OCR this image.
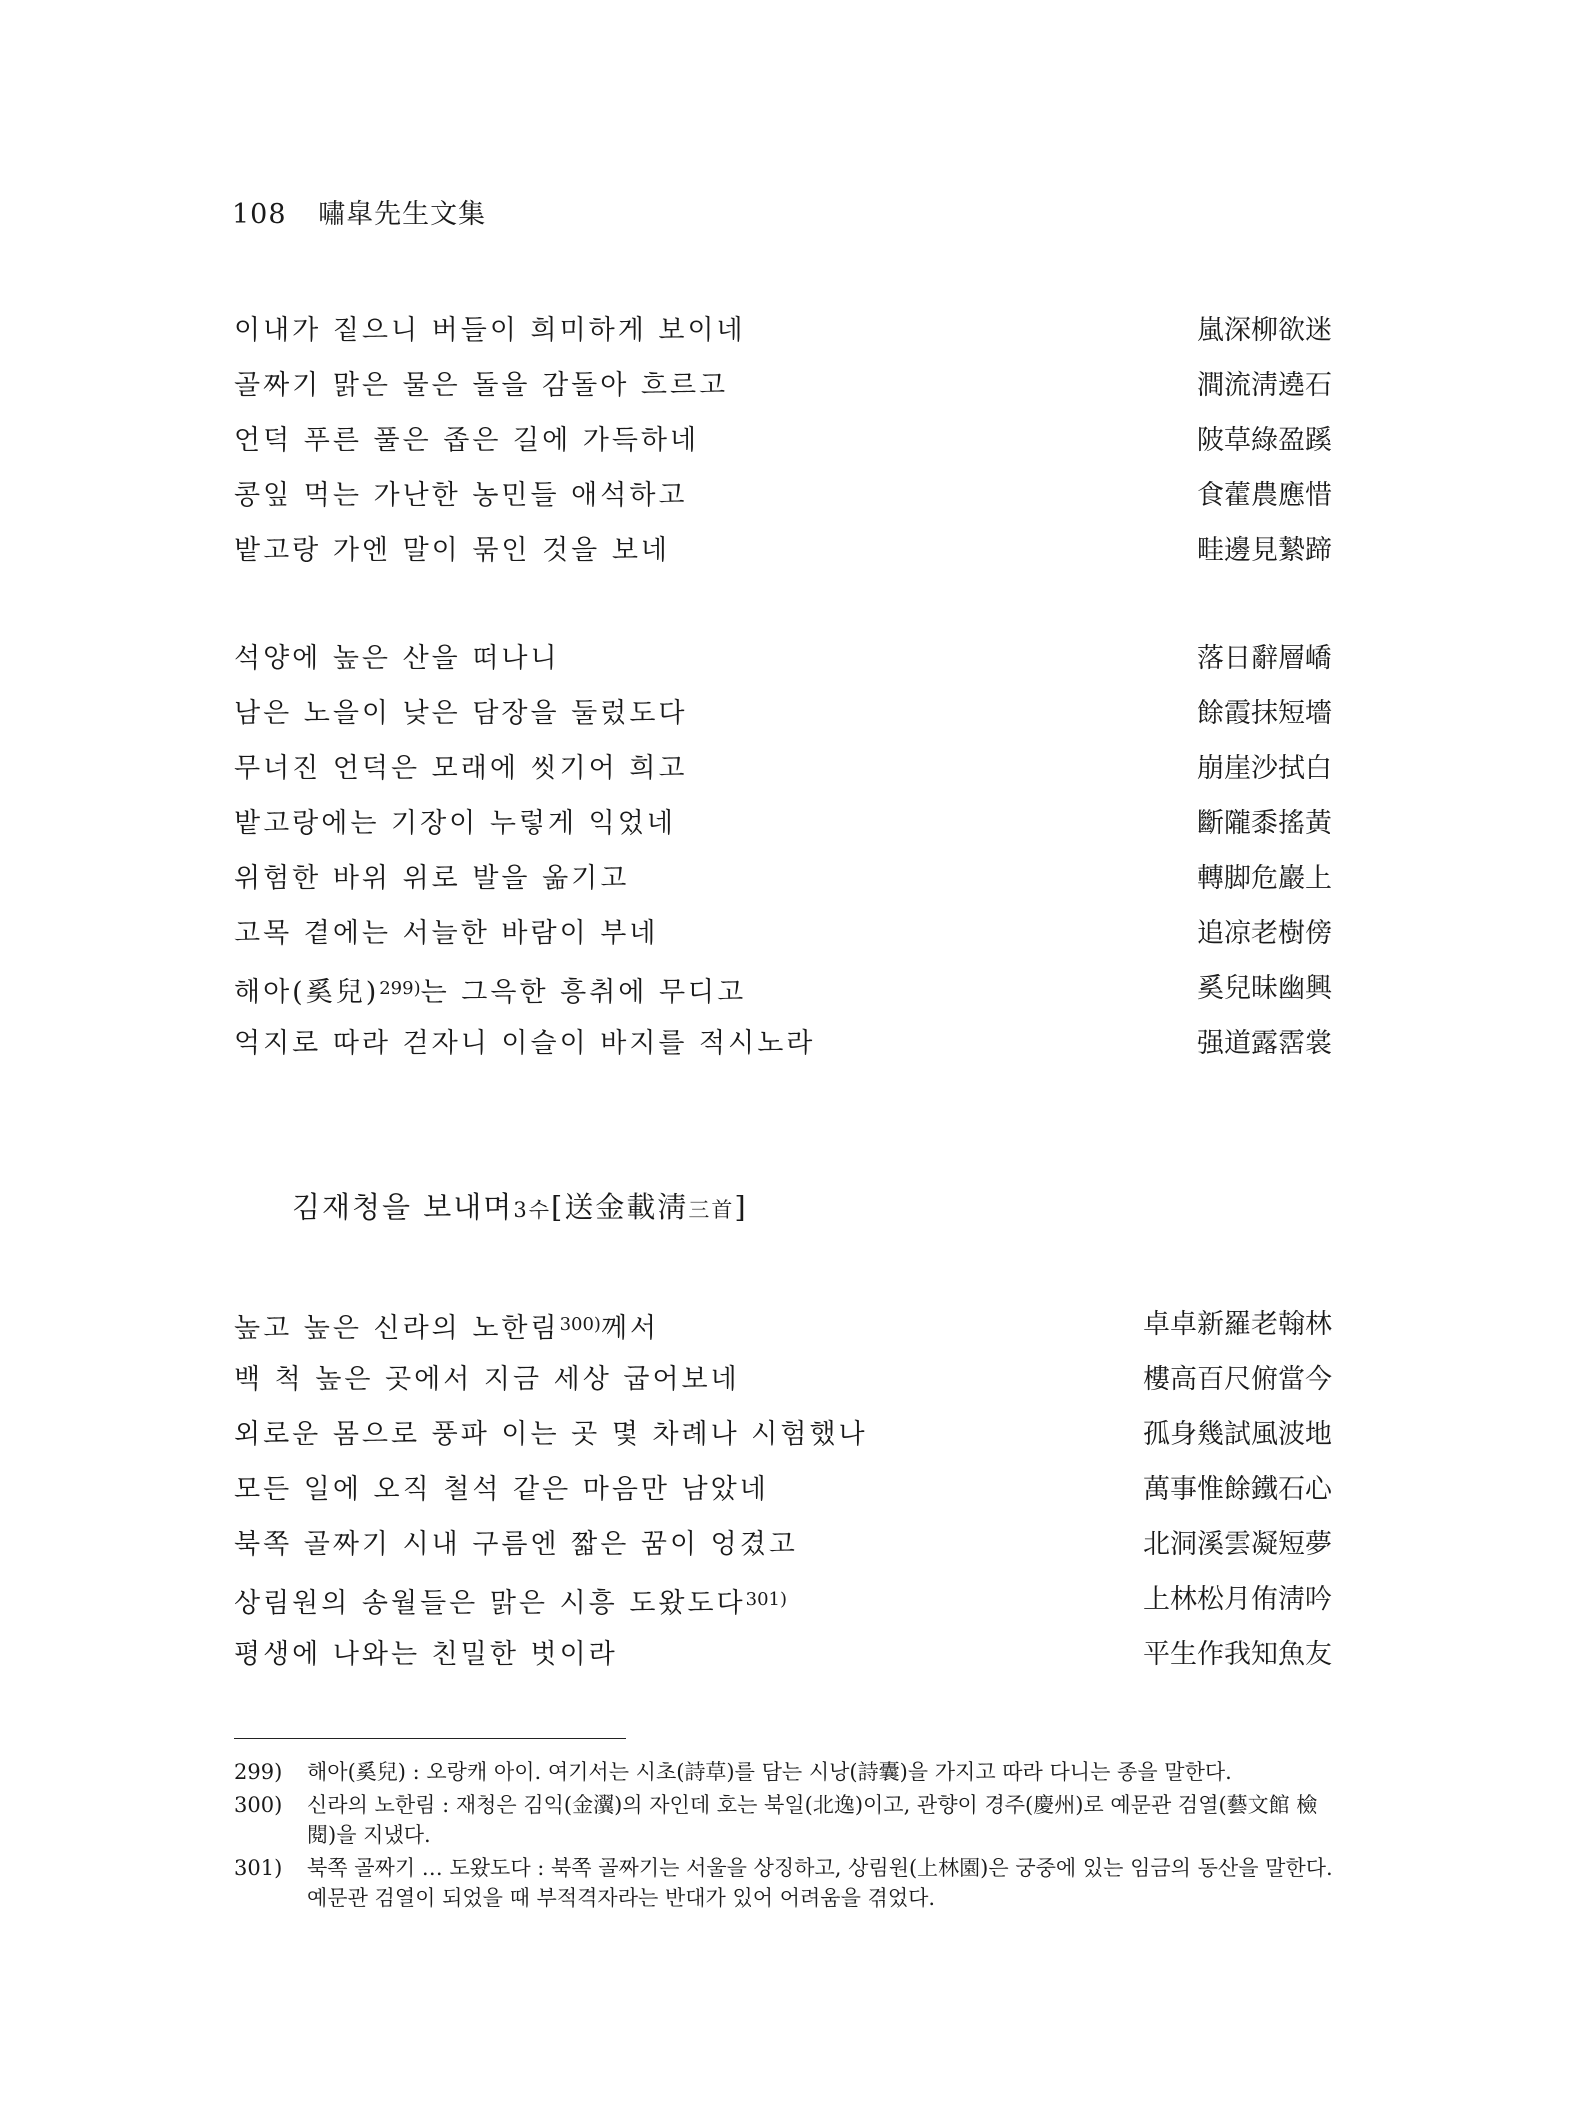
108 嘯皐先生文集
이내가 짙으니 버들이 희미하게 보이네	嵐深柳欲迷
골짜기 맑은 물은 돌을 감돌아 흐르고	澗流淸遶石
언덕 푸른 풀은 좁은 길에 가득하네	陂草綠盈蹊
콩잎 먹는 가난한 농민들 애석하고	食藿農應惜
밭고랑 가엔 말이 묶인 것을 보네	畦邊見縶蹄
석양에 높은 산을 떠나니	落日辭層嶠
남은 노을이 낮은 담장을 둘렀도다	餘霞抹短墻
무너진 언덕은 모래에 씻기어 희고	崩崖沙拭白
밭고랑에는 기장이 누렇게 익었네	斷隴黍搖黃
위험한 바위 위로 발을 옮기고	轉脚危巖上
고목 곁에는 서늘한 바람이 부네	追凉老樹傍
해아(奚兒)$^{299)}$는 그윽한 흥취에 무디고	奚兒昧幽興
억지로 따라 걷자니 이슬이 바지를 적시노라	强道露霑裳
김재청을 보내며3수[送金載淸三首]
높고 높은 신라의 노한림$^{300)}$께서	卓卓新羅老翰林
백 척 높은 곳에서 지금 세상 굽어보네	樓高百尺俯當今
외로운 몸으로 풍파 이는 곳 몇 차례나 시험했나	孤身幾試風波地
모든 일에 오직 철석 같은 마음만 남았네	萬事惟餘鐵石心
북쪽 골짜기 시내 구름엔 짧은 꿈이 엉겼고	北洞溪雲凝短夢
상림원의 송월들은 맑은 시흥 도왔도다$^{301)}$	上林松月侑淸吟
평생에 나와는 친밀한 벗이라	平生作我知魚友
299) 해아(奚兒) : 오랑캐 아이. 여기서는 시초(詩草)를 담는 시낭(詩囊)을 가지고 따라 다니는 종을 말한다.
300) 신라의 노한림 : 재청은 김익(金瀷)의 자인데 호는 북일(北逸)이고, 관향이 경주(慶州)로 예문관 검열(藝文館 檢閱)을 지냈다.
301) 북쪽 골짜기 … 도왔도다 : 북쪽 골짜기는 서울을 상징하고, 상림원(上林園)은 궁중에 있는 임금의 동산을 말한다. 예문관 검열이 되었을 때 부적격자라는 반대가 있어 어려움을 겪었다.
